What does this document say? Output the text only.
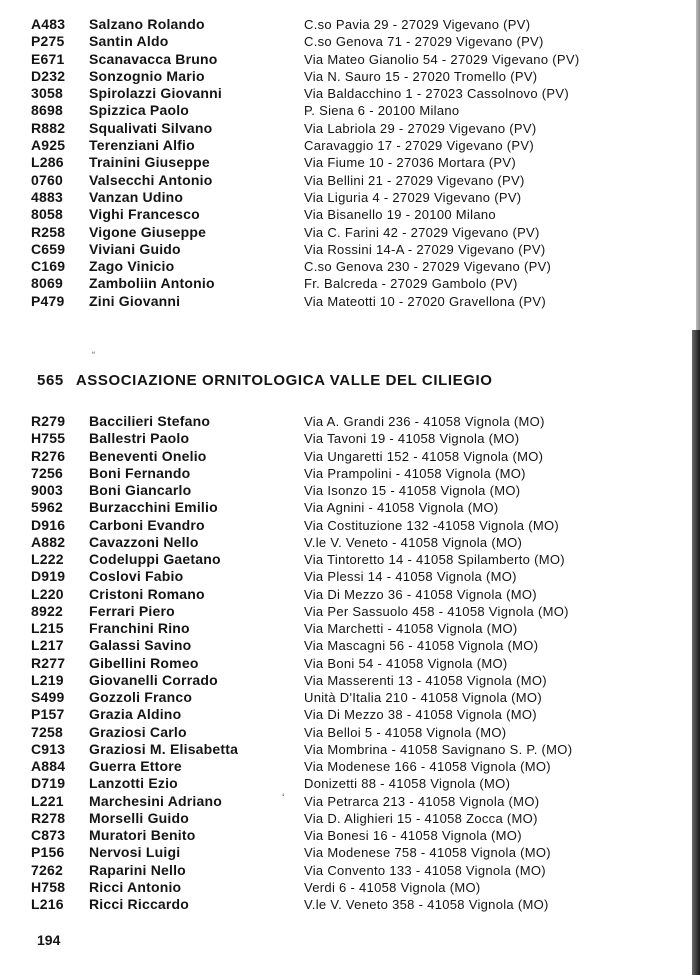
A483 Salzano Rolando	C.so Pavia 29 - 27029 Vigevano (PV)
P275 Santin Aldo	C.so Genova 71 - 27029 Vigevano (PV)
E671 Scanavacca Bruno	Via Mateo Gianolio 54 - 27029 Vigevano (PV)
D232 Sonzognio Mario	Via N. Sauro 15 - 27020 Tromello (PV)
3058 Spirolazzi Giovanni	Via Baldacchino 1 - 27023 Cassolnovo (PV)
8698 Spizzica Paolo	P. Siena 6 - 20100 Milano
R882 Squalivati Silvano	Via Labriola 29 - 27029 Vigevano (PV)
A925 Terenziani Alfio	Caravaggio 17 - 27029 Vigevano (PV)
L286 Trainini Giuseppe	Via Fiume 10 - 27036 Mortara (PV)
0760 Valsecchi Antonio	Via Bellini 21 - 27029 Vigevano (PV)
4883 Vanzan Udino	Via Liguria 4 - 27029 Vigevano (PV)
8058 Vighi Francesco	Via Bisanello 19 - 20100 Milano
R258 Vigone Giuseppe	Via C. Farini 42 - 27029 Vigevano (PV)
C659 Viviani Guido	Via Rossini 14-A - 27029 Vigevano (PV)
C169 Zago Vinicio	C.so Genova 230 - 27029 Vigevano (PV)
8069 Zamboliin Antonio	Fr. Balcreda - 27029 Gambolo (PV)
P479 Zini Giovanni	Via Mateotti 10 - 27020 Gravellona (PV)
“
565 ASSOCIAZIONE ORNITOLOGICA VALLE DEL CILIEGIO
R279 Baccilieri Stefano	Via A. Grandi 236 - 41058 Vignola (MO)
H755 Ballestri Paolo	Via Tavoni 19 - 41058 Vignola (MO)
R276 Beneventi Onelio	Via Ungaretti 152 - 41058 Vignola (MO)
7256 Boni Fernando	Via Prampolini - 41058 Vignola (MO)
9003 Boni Giancarlo	Via Isonzo 15 - 41058 Vignola (MO)
5962 Burzacchini Emilio	Via Agnini - 41058 Vignola (MO)
D916 Carboni Evandro	Via Costituzione 132 -41058 Vignola (MO)
A882 Cavazzoni Nello	V.le V. Veneto - 41058 Vignola (MO)
L222 Codeluppi Gaetano	Via Tintoretto 14 - 41058 Spilamberto (MO)
D919 Coslovi Fabio	Via Plessi 14 - 41058 Vignola (MO)
L220 Cristoni Romano	Via Di Mezzo 36 - 41058 Vignola (MO)
8922 Ferrari Piero	Via Per Sassuolo 458 - 41058 Vignola (MO)
L215 Franchini Rino	Via Marchetti - 41058 Vignola (MO)
L217 Galassi Savino	Via Mascagni 56 - 41058 Vignola (MO)
R277 Gibellini Romeo	Via Boni 54 - 41058 Vignola (MO)
L219 Giovanelli Corrado	Via Masserenti 13 - 41058 Vignola (MO)
S499 Gozzoli Franco	Unità D'Italia 210 - 41058 Vignola (MO)
P157 Grazia Aldino	Via Di Mezzo 38 - 41058 Vignola (MO)
7258 Graziosi Carlo	Via Belloi 5 - 41058 Vignola (MO)
C913 Graziosi M. Elisabetta	Via Mombrina - 41058 Savignano S. P. (MO)
A884 Guerra Ettore	Via Modenese 166 - 41058 Vignola (MO)
D719 Lanzotti Ezio	Donizetti 88 - 41058 Vignola (MO)
L221 Marchesini Adriano	Via Petrarca 213 - 41058 Vignola (MO)
R278 Morselli Guido	Via D. Alighieri 15 - 41058 Zocca (MO)
C873 Muratori Benito	Via Bonesi 16 - 41058 Vignola (MO)
P156 Nervosi Luigi	Via Modenese 758 - 41058 Vignola (MO)
7262 Raparini Nello	Via Convento 133 - 41058 Vignola (MO)
H758 Ricci Antonio	Verdi 6 - 41058 Vignola (MO)
L216 Ricci Riccardo	V.le V. Veneto 358 - 41058 Vignola (MO)
‘
194
